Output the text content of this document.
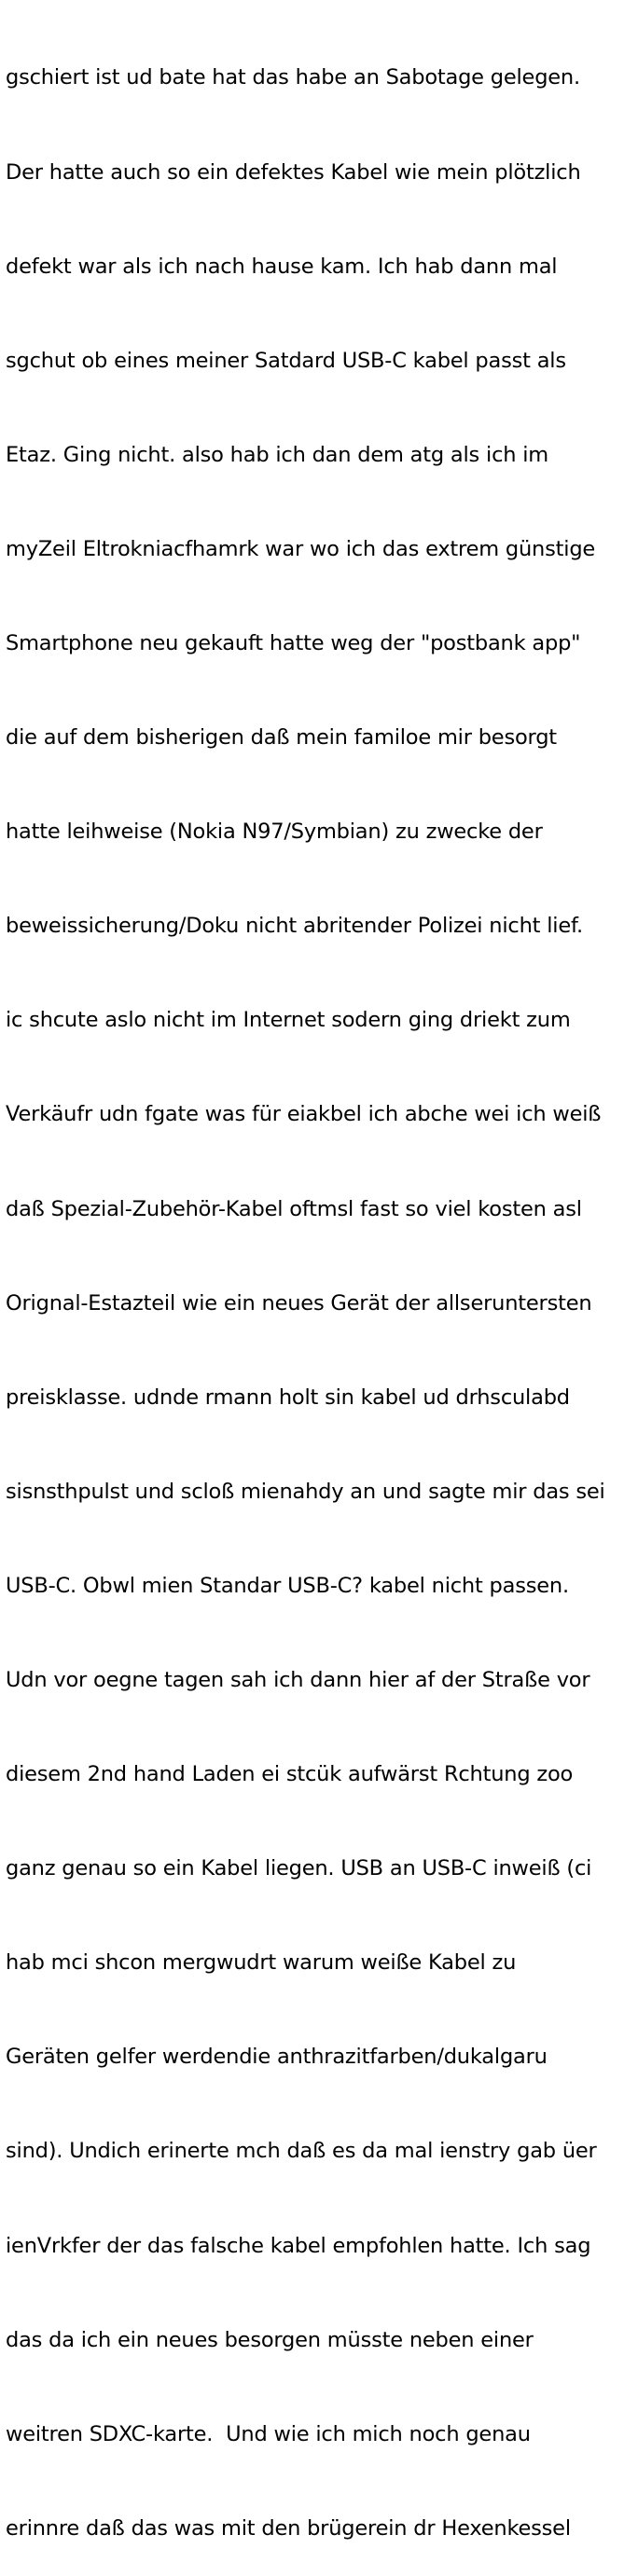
gschiert ist ud bate hat das habe an Sabotage gelegen.

Der hatte auch so ein defektes Kabel wie mein plötzlich

defekt war als ich nach hause kam. Ich hab dann mal

sgchut ob eines meiner Satdard USB-C kabel passt als

Etaz. Ging nicht. also hab ich dan dem atg als ich im

myZeil Eltrokniacfhamrk war wo ich das extrem günstige

Smartphone neu gekauft hatte weg der "postbank app"

die auf dem bisherigen daß mein familoe mir besorgt

hatte leihweise (Nokia N97/Symbian) zu zwecke der

beweissicherung/Doku nicht abritender Polizei nicht lief.

ic shcute aslo nicht im Internet sodern ging driekt zum

Verkäufr udn fgate was für eiakbel ich abche wei ich weiß

daß Spezial-Zubehör-Kabel oftmsl fast so viel kosten asl

Orignal-Estazteil wie ein neues Gerät der allseruntersten

preisklasse. udnde rmann holt sin kabel ud drhsculabd

sisnsthpulst und scloß mienahdy an und sagte mir das sei

USB-C. Obwl mien Standar USB-C? kabel nicht passen.

Udn vor oegne tagen sah ich dann hier af der Straße vor

diesem 2nd hand Laden ei stcük aufwärst Rchtung zoo

ganz genau so ein Kabel liegen. USB an USB-C inweiß (ci

hab mci shcon mergwudrt warum weiße Kabel zu

Geräten gelfer werdendie anthrazitfarben/dukalgaru

sind). Undich erinerte mch daß es da mal ienstry gab üer

ienVrkfer der das falsche kabel empfohlen hatte. Ich sag

das da ich ein neues besorgen müsste neben einer

weitren SDXC-karte.  Und wie ich mich noch genau

erinnre daß das was mit den brügerein dr Hexenkessel
